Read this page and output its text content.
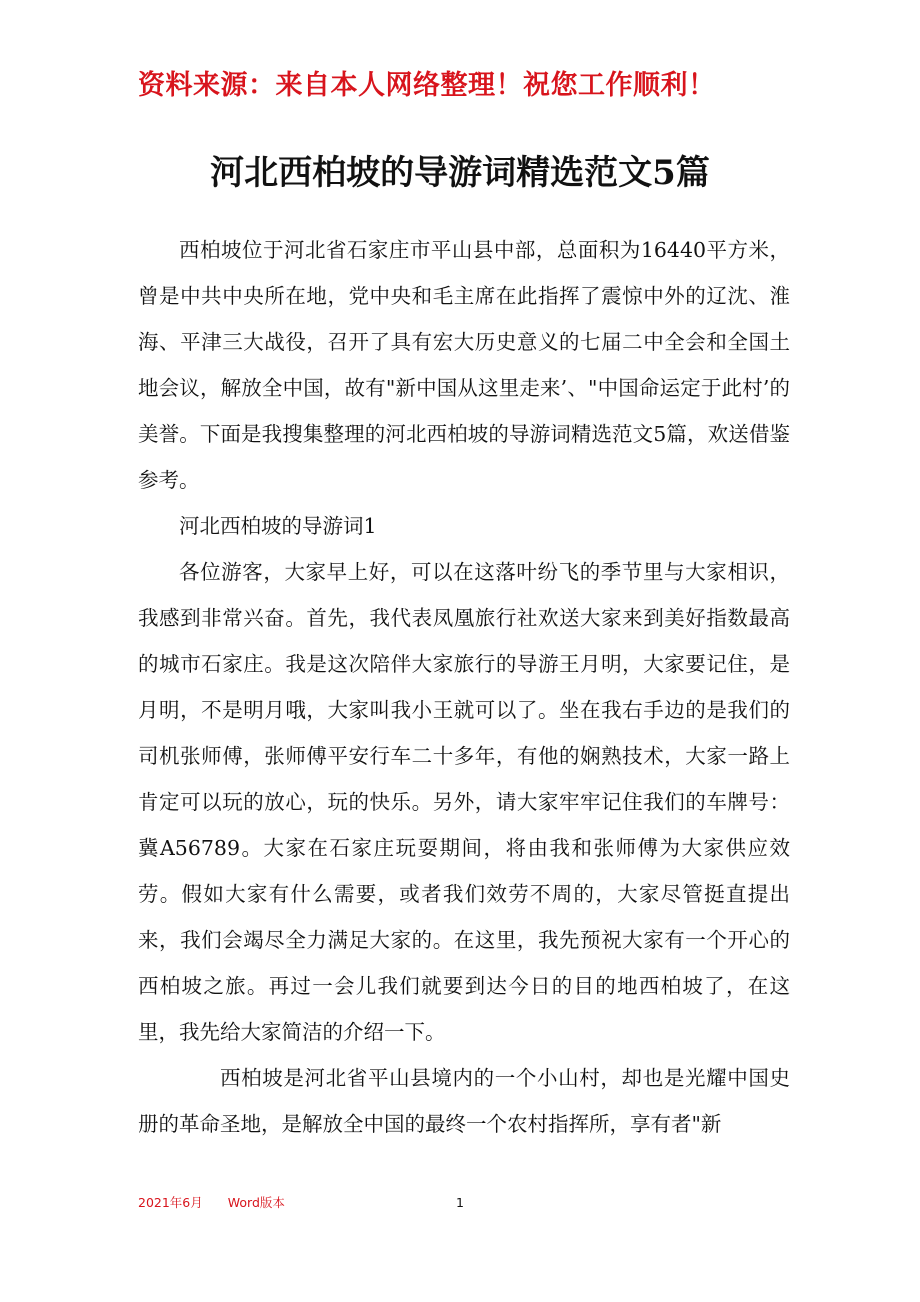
资料来源：来自本人网络整理！祝您工作顺利！
河北西柏坡的导游词精选范文5篇

西柏坡位于河北省石家庄市平山县中部，总面积为16440平方米，曾是中共中央所在地，党中央和毛主席在此指挥了震惊中外的辽沈、淮海、平津三大战役，召开了具有宏大历史意义的七届二中全会和全国土地会议，解放全中国，故有"新中国从这里走来’、"中国命运定于此村’的美誉。下面是我搜集整理的河北西柏坡的导游词精选范文5篇，欢送借鉴参考。

河北西柏坡的导游词1

各位游客，大家早上好，可以在这落叶纷飞的季节里与大家相识，我感到非常兴奋。首先，我代表凤凰旅行社欢送大家来到美好指数最高的城市石家庄。我是这次陪伴大家旅行的导游王月明，大家要记住，是月明，不是明月哦，大家叫我小王就可以了。坐在我右手边的是我们的司机张师傅，张师傅平安行车二十多年，有他的娴熟技术，大家一路上肯定可以玩的放心，玩的快乐。另外，请大家牢牢记住我们的车牌号：冀A56789。大家在石家庄玩耍期间，将由我和张师傅为大家供应效劳。假如大家有什么需要，或者我们效劳不周的，大家尽管挺直提出来，我们会竭尽全力满足大家的。在这里，我先预祝大家有一个开心的西柏坡之旅。再过一会儿我们就要到达今日的目的地西柏坡了，在这里，我先给大家简洁的介绍一下。

西柏坡是河北省平山县境内的一个小山村，却也是光耀中国史册的革命圣地，是解放全中国的最终一个农村指挥所，享有者"新

2021年6月　　Word版本	1
